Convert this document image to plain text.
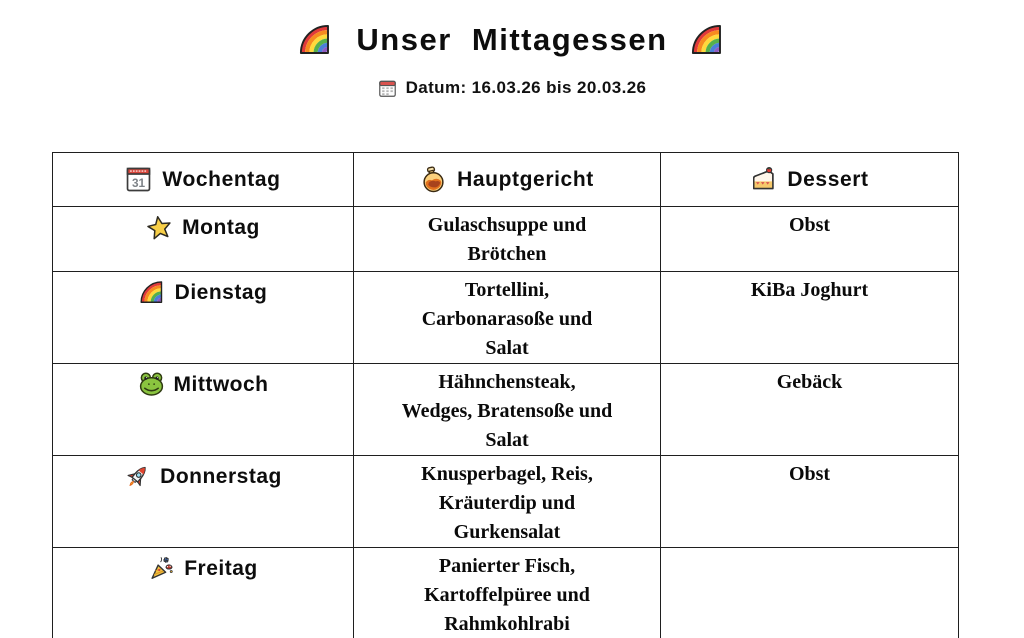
Unser Mittagessen
Datum: 16.03.26 bis 20.03.26
31 Wochentag	Hauptgericht	Dessert

Montag	Gulaschsuppe und Brötchen	Obst

Dienstag	Tortellini, Carbonarasoße und Salat	KiBa Joghurt

Mittwoch	Hähnchensteak, Wedges, Bratensoße und Salat	Gebäck

Donnerstag	Knusperbagel, Reis, Kräuterdip und Gurkensalat	Obst

Freitag	Panierter Fisch, Kartoffelpüree und Rahmkohlrabi	
